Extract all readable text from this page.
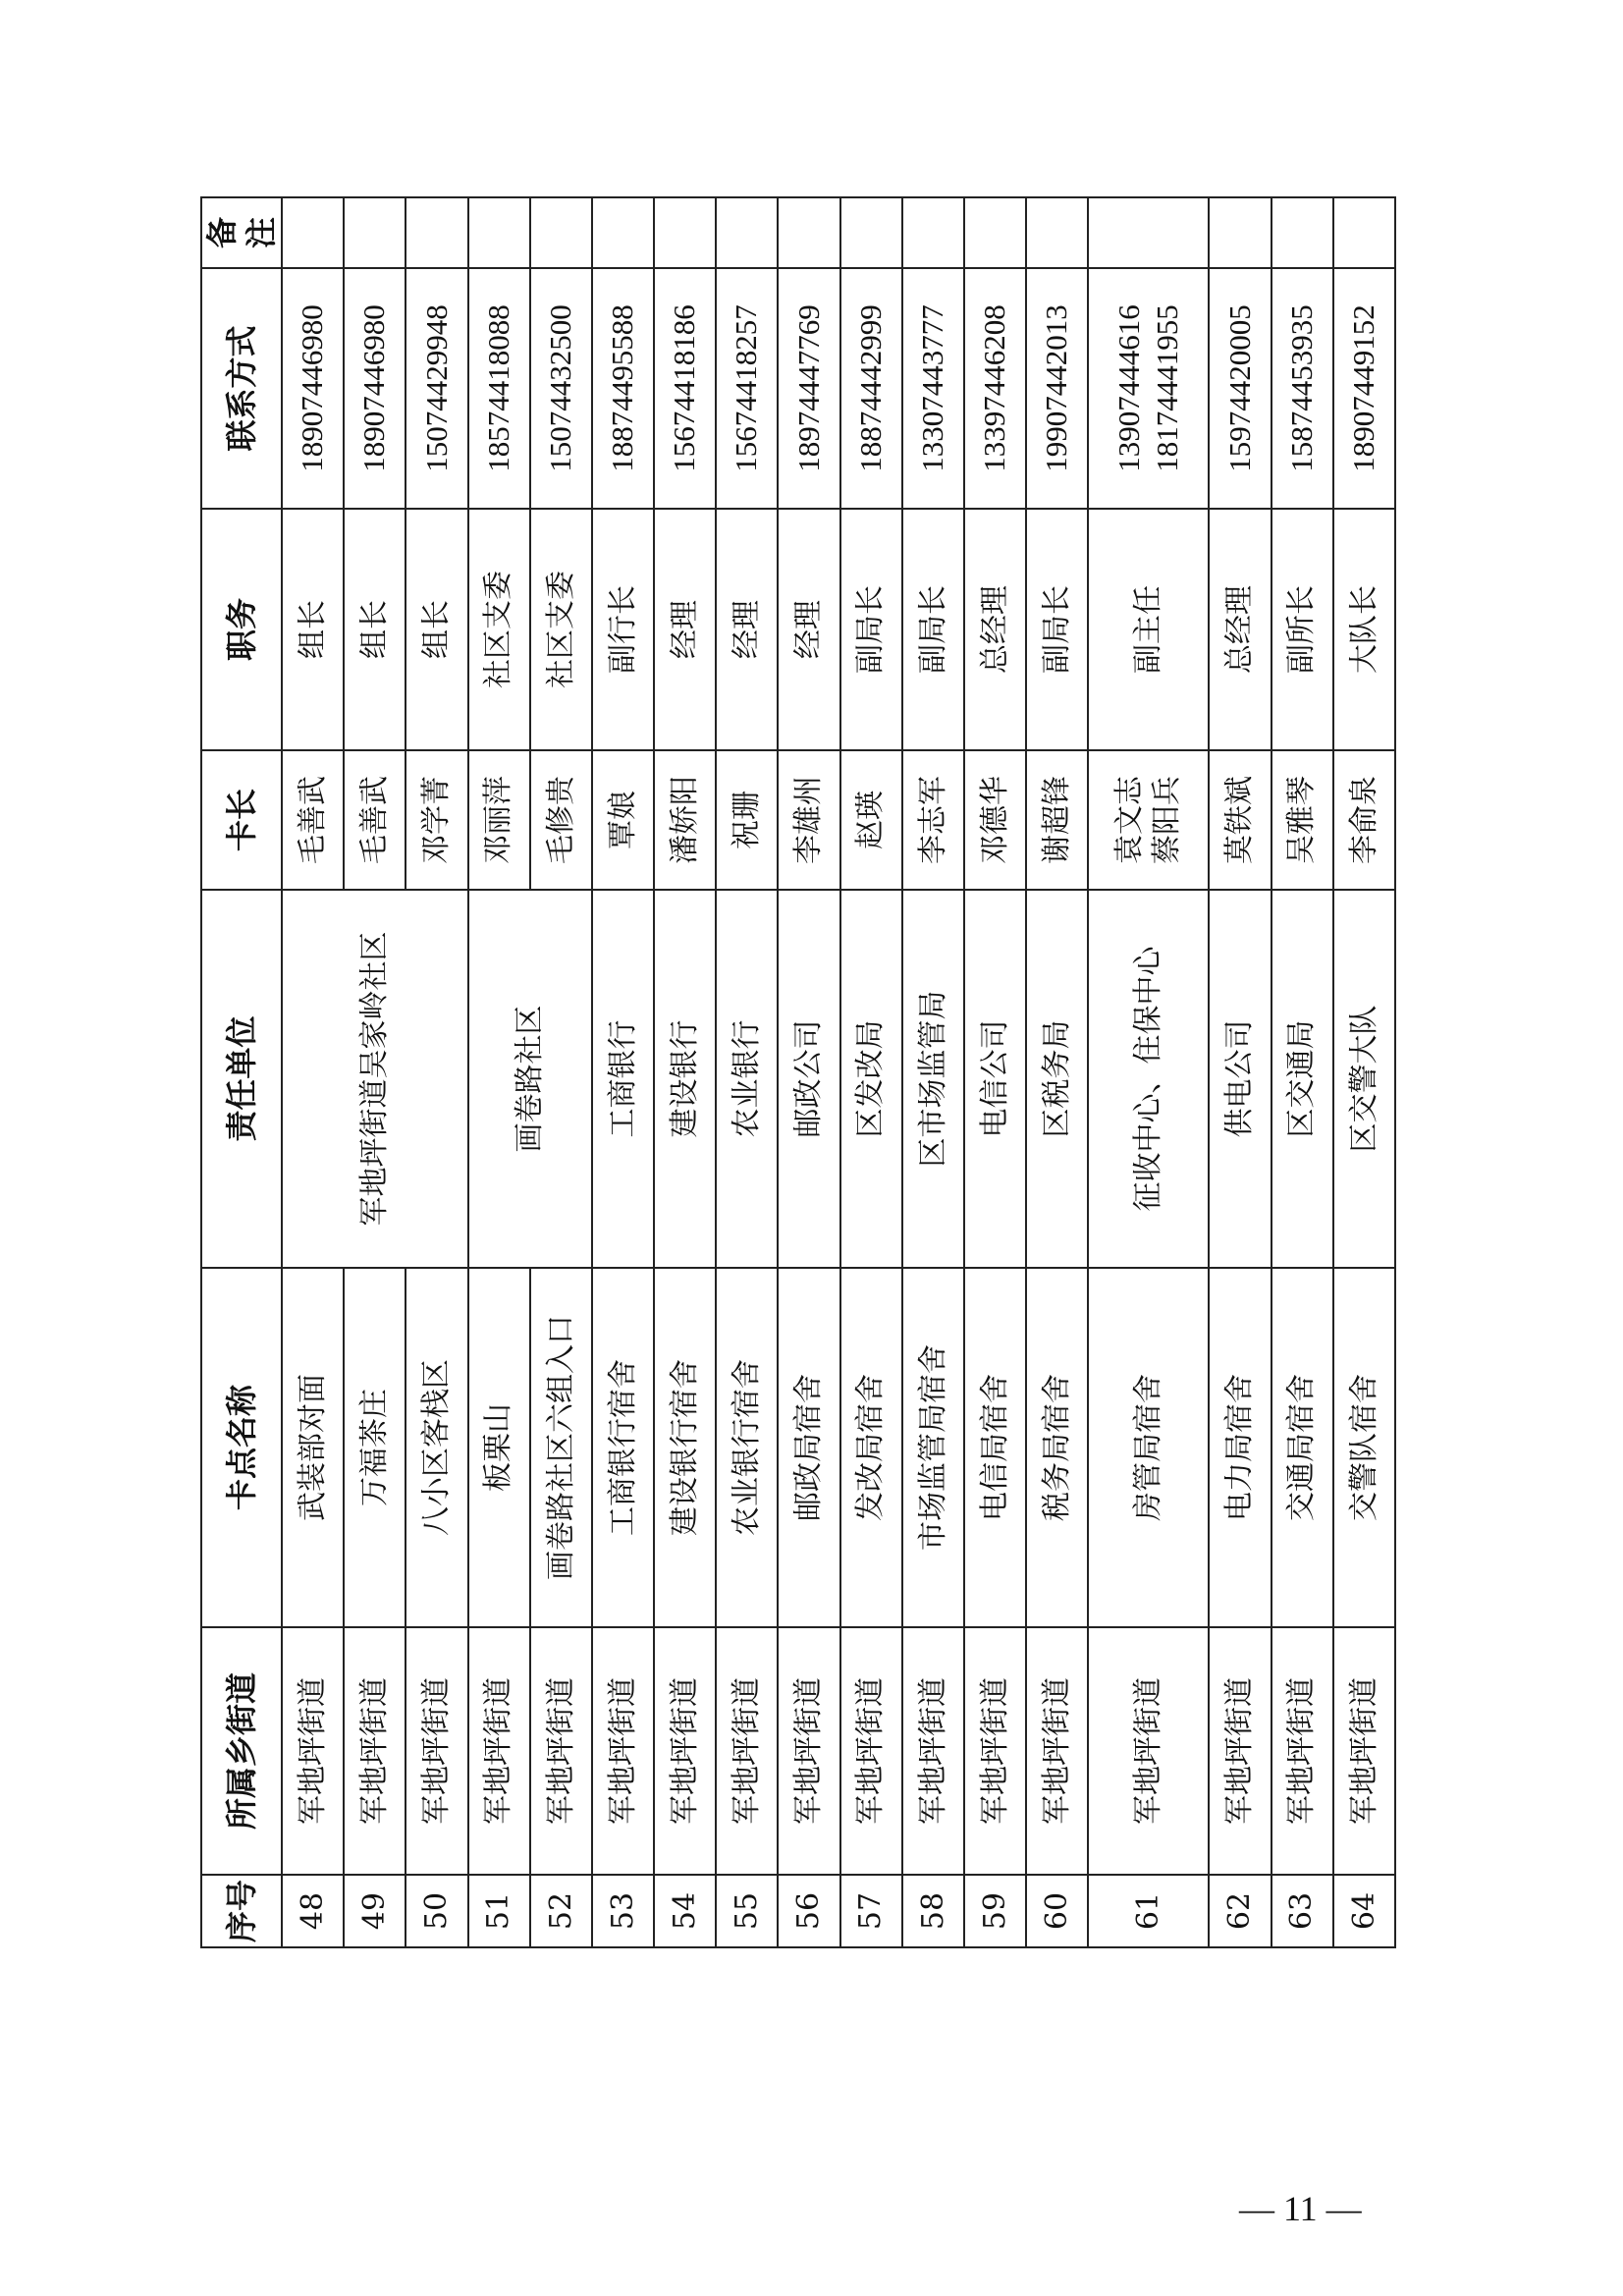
序号	所属乡街道	卡点名称	责任单位	卡长	职务	联系方式	备注
48	军地坪街道	武装部对面	军地坪街道吴家岭社区	毛善武	组长	18907446980	
49	军地坪街道	万福茶庄		毛善武	组长	18907446980	
50	军地坪街道	八小区客栈区		邓学菁	组长	15074429948	
51	军地坪街道	板栗山	画卷路社区	邓丽萍	社区支委	18574418088	
52	军地坪街道	画卷路社区六组入口		毛修贵	社区支委	15074432500	
53	军地坪街道	工商银行宿舍	工商银行	覃娘	副行长	18874495588	
54	军地坪街道	建设银行宿舍	建设银行	潘娇阳	经理	15674418186	
55	军地坪街道	农业银行宿舍	农业银行	祝珊	经理	15674418257	
56	军地坪街道	邮政局宿舍	邮政公司	李雄州	经理	18974447769	
57	军地坪街道	发改局宿舍	区发改局	赵瑛	副局长	18874442999	
58	军地坪街道	市场监管局宿舍	区市场监管局	李志军	副局长	13307443777	
59	军地坪街道	电信局宿舍	电信公司	邓德华	总经理	13397446208	
60	军地坪街道	税务局宿舍	区税务局	谢超锋	副局长	19907442013	
61	军地坪街道	房管局宿舍	征收中心、住保中心	袁文志 蔡阳兵	副主任	13907444616 18174441955	

62	军地坪街道	电力局宿舍	供电公司	莫铁斌	总经理	15974420005	
63	军地坪街道	交通局宿舍	区交通局	吴雅琴	副所长	15874453935	
64	军地坪街道	交警队宿舍	区交警大队	李俞泉	大队长	18907449152	
— 11 —
